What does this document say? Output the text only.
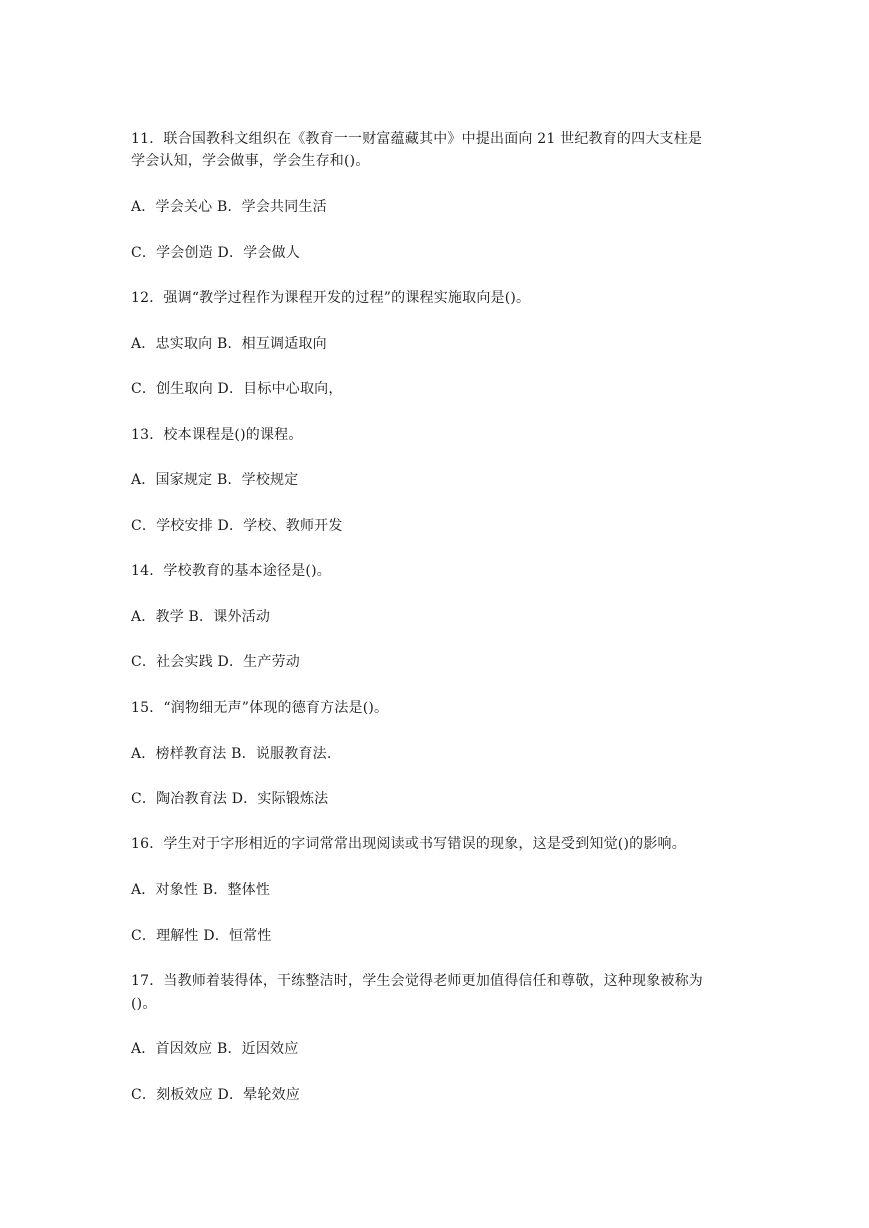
11．联合国教科文组织在《教育一一财富蕴藏其中》中提出面向 21 世纪教育的四大支柱是
学会认知，学会做事，学会生存和()。
A．学会关心 B．学会共同生活
C．学会创造 D．学会做人
12．强调“教学过程作为课程开发的过程”的课程实施取向是()。
A．忠实取向 B．相互调适取向
C．创生取向 D．目标中心取向，
13．校本课程是()的课程。
A．国家规定 B．学校规定
C．学校安排 D．学校、教师开发
14．学校教育的基本途径是()。
A．教学 B．课外活动
C．社会实践 D．生产劳动
15．“润物细无声”体现的德育方法是()。
A．榜样教育法 B．说服教育法.
C．陶冶教育法 D．实际锻炼法
16．学生对于字形相近的字词常常出现阅读或书写错误的现象，这是受到知觉()的影响。
A．对象性 B．整体性
C．理解性 D．恒常性
17．当教师着装得体，干练整洁时，学生会觉得老师更加值得信任和尊敬，这种现象被称为
()。
A．首因效应 B．近因效应
C．刻板效应 D．晕轮效应
